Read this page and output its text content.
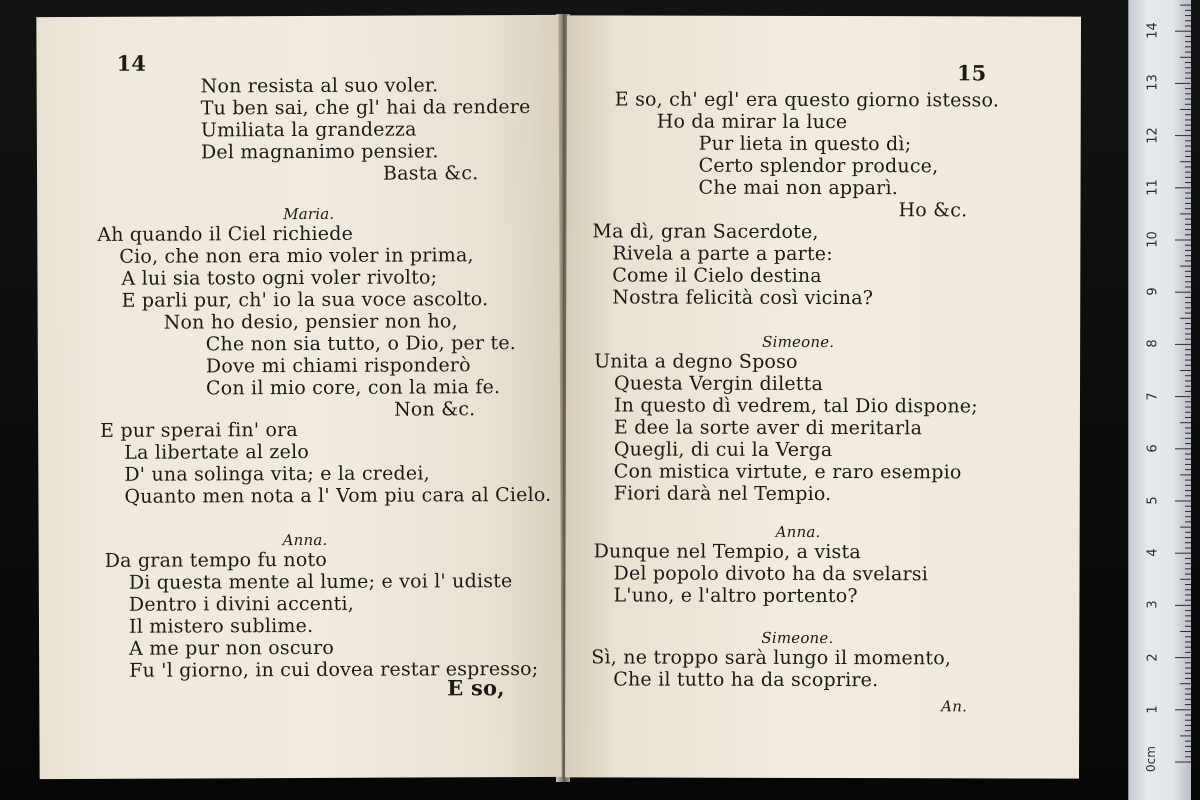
14
Non resista al suo voler.
Tu ben sai, che gl' hai da rendere
Umiliata la grandezza
Del magnanimo pensier.
Basta &c.
Maria.
Ah quando il Ciel richiede
Cio, che non era mio voler in prima,
A lui sia tosto ogni voler rivolto;
E parli pur, ch' io la sua voce ascolto.
Non ho desio, pensier non ho,
Che non sia tutto, o Dio, per te.
Dove mi chiami risponderò
Con il mio core, con la mia fe.
Non &c.
E pur sperai fin' ora
La libertate al zelo
D' una solinga vita; e la credei,
Quanto men nota a l' Vom piu cara al Cielo.
Anna.
Da gran tempo fu noto
Di questa mente al lume; e voi l' udiste
Dentro i divini accenti,
Il mistero sublime.
A me pur non oscuro
Fu 'l giorno, in cui dovea restar espresso;
E so,
15
E so, ch' egl' era questo giorno istesso.
Ho da mirar la luce
Pur lieta in questo dì;
Certo splendor produce,
Che mai non apparì.
Ho &c.
Ma dì, gran Sacerdote,
Rivela a parte a parte:
Come il Cielo destina
Nostra felicità così vicina?
Simeone.
Unita a degno Sposo
Questa Vergin diletta
In questo dì vedrem, tal Dio dispone;
E dee la sorte aver di meritarla
Quegli, di cui la Verga
Con mistica virtute, e raro esempio
Fiori darà nel Tempio.
Anna.
Dunque nel Tempio, a vista
Del popolo divoto ha da svelarsi
L'uno, e l'altro portento?
Simeone.
Sì, ne troppo sarà lungo il momento,
Che il tutto ha da scoprire.
An.
14
13
12
11
10
9
8
7
6
5
4
3
2
1
0cm
